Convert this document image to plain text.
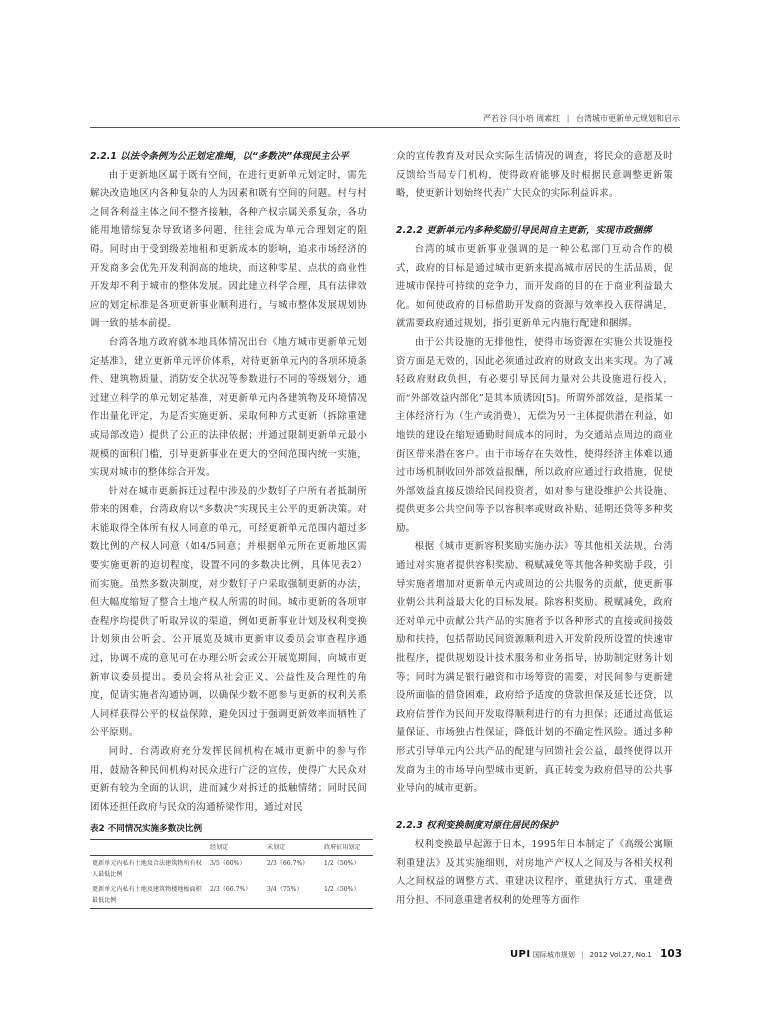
严若谷 闫小培 周素红 | 台湾城市更新单元规划和启示

2.2.1 以法令条例为公正划定准绳，以“多数决”体现民主公平

由于更新地区属于既有空间，在进行更新单元划定时，需先解决改造地区内各种复杂的人为因素和既有空间的问题。村与村之间各利益主体之间不整齐接触，各种产权宗属关系复杂，各功能用地错综复杂导致诸多问题，往往会成为单元合理划定的阻碍。同时由于受到级差地租和更新成本的影响，追求市场经济的开发商多会优先开发利润高的地块，而这种零星、点状的商业性开发却不利于城市的整体发展。因此建立科学合理，具有法律效应的划定标准是各项更新事业顺利进行，与城市整体发展规划协调一致的基本前提。

台湾各地方政府就本地具体情况出台《地方城市更新单元划定基准》，建立更新单元评价体系，对待更新单元内的各项环境条件、建筑物质量、消防安全状况等参数进行不同的等级划分，通过建立科学的单元划定基准，对更新单元内各建筑物及环境情况作出量化评定，为是否实施更新、采取何种方式更新（拆除重建或局部改造）提供了公正的法律依据；并通过限制更新单元最小规模的面积门槛，引导更新事业在更大的空间范围内统一实施，实现对城市的整体综合开发。

针对在城市更新拆迁过程中涉及的少数钉子户所有者抵制所带来的困难，台湾政府以“多数决”实现民主公平的更新决策。对未能取得全体所有权人同意的单元，可经更新单元范围内超过多数比例的产权人同意（如4/5同意；并根据单元所在更新地区需要实施更新的迫切程度，设置不同的多数决比例，具体见表2）而实施。虽然多数决制度，对少数钉子户采取强制更新的办法，但大幅度缩短了整合土地产权人所需的时间。城市更新的各项审查程序均提供了听取异议的渠道，例如更新事业计划及权利变换计划须由公听会、公开展览及城市更新审议委员会审查程序通过，协调不成的意见可在办理公听会或公开展览期间，向城市更新审议委员提出。委员会将从社会正义、公益性及合理性的角度，促请实施者沟通协调，以确保少数不愿参与更新的权利关系人同样获得公平的权益保障，避免因过于强调更新效率而牺牲了公平原则。

同时，台湾政府充分发挥民间机构在城市更新中的参与作用，鼓励各种民间机构对民众进行广泛的宣传，使得广大民众对更新有较为全面的认识，进而减少对拆迁的抵触情绪；同时民间团体还担任政府与民众的沟通桥梁作用，通过对民

表2 不同情况实施多数决比例

	经划定	未划定	政府征用划定
更新单元内私有土地及合法建筑物所有权人最低比例	3/5（60%）	2/3（66.7%）	1/2（50%）
更新单元内私有土地及建筑物楼地板面积最低比例	2/3（66.7%）	3/4（75%）	1/2（50%）

众的宣传教育及对民众实际生活情况的调查，将民众的意愿及时反馈给当局专门机构，使得政府能够及时根据民意调整更新策略，使更新计划始终代表广大民众的实际利益诉求。

2.2.2 更新单元内多种奖励引导民间自主更新，实现市政捆绑

台湾的城市更新事业强调的是一种公私部门互动合作的模式，政府的目标是通过城市更新来提高城市居民的生活品质，促进城市保持可持续的竞争力，而开发商的目的在于商业利益最大化。如何使政府的目标借助开发商的资源与效率投入获得满足，就需要政府通过规划，指引更新单元内施行配建和捆绑。

由于公共设施的无排他性，使得市场资源在实施公共设施投资方面是无效的，因此必须通过政府的财政支出来实现。为了减轻政府财政负担，有必要引导民间力量对公共设施进行投入，而“外部效益内部化”是其本质诱因[5]。所谓外部效益，是指某一主体经济行为（生产或消费），无偿为另一主体提供潜在利益，如地铁的建设在缩短通勤时间成本的同时，为交通站点周边的商业街区带来潜在客户。由于市场存在失效性，使得经济主体难以通过市场机制收回外部效益报酬，所以政府应通过行政措施，促使外部效益直接反馈给民间投资者，如对参与建设维护公共设施、提供更多公共空间等予以容积率或财政补贴、延期还贷等多种奖励。

根据《城市更新容积奖励实施办法》等其他相关法规，台湾通过对实施者提供容积奖励、税赋减免等其他各种奖励手段，引导实施者增加对更新单元内或周边的公共服务的贡献，使更新事业朝公共利益最大化的目标发展。除容积奖励、税赋减免，政府还对单元中贡献公共产品的实施者予以各种形式的直接或间接鼓励和扶持，包括帮助民间资源顺利进入开发阶段所设置的快速审批程序，提供规划设计技术服务和业务指导，协助制定财务计划等；同时为满足银行融资和市场筹资的需要，对民间参与更新建设所面临的借贷困难，政府给予适度的贷款担保及延长还贷，以政府信誉作为民间开发取得顺利进行的有力担保；还通过高低运量保证、市场独占性保证，降低计划的不确定性风险。通过多种形式引导单元内公共产品的配建与回馈社会公益，最终使得以开发商为主的市场导向型城市更新，真正转变为政府倡导的公共事业导向的城市更新。

2.2.3 权利变换制度对原住居民的保护

权利变换最早起源于日本，1995年日本制定了《高级公寓顺利重建法》及其实施细则，对房地产产权人之间及与各相关权利人之间权益的调整方式、重建决议程序、重建执行方式、重建费用分担、不同意重建者权利的处理等方面作

UPI 国际城市规划 | 2012 Vol.27, No.1 103
